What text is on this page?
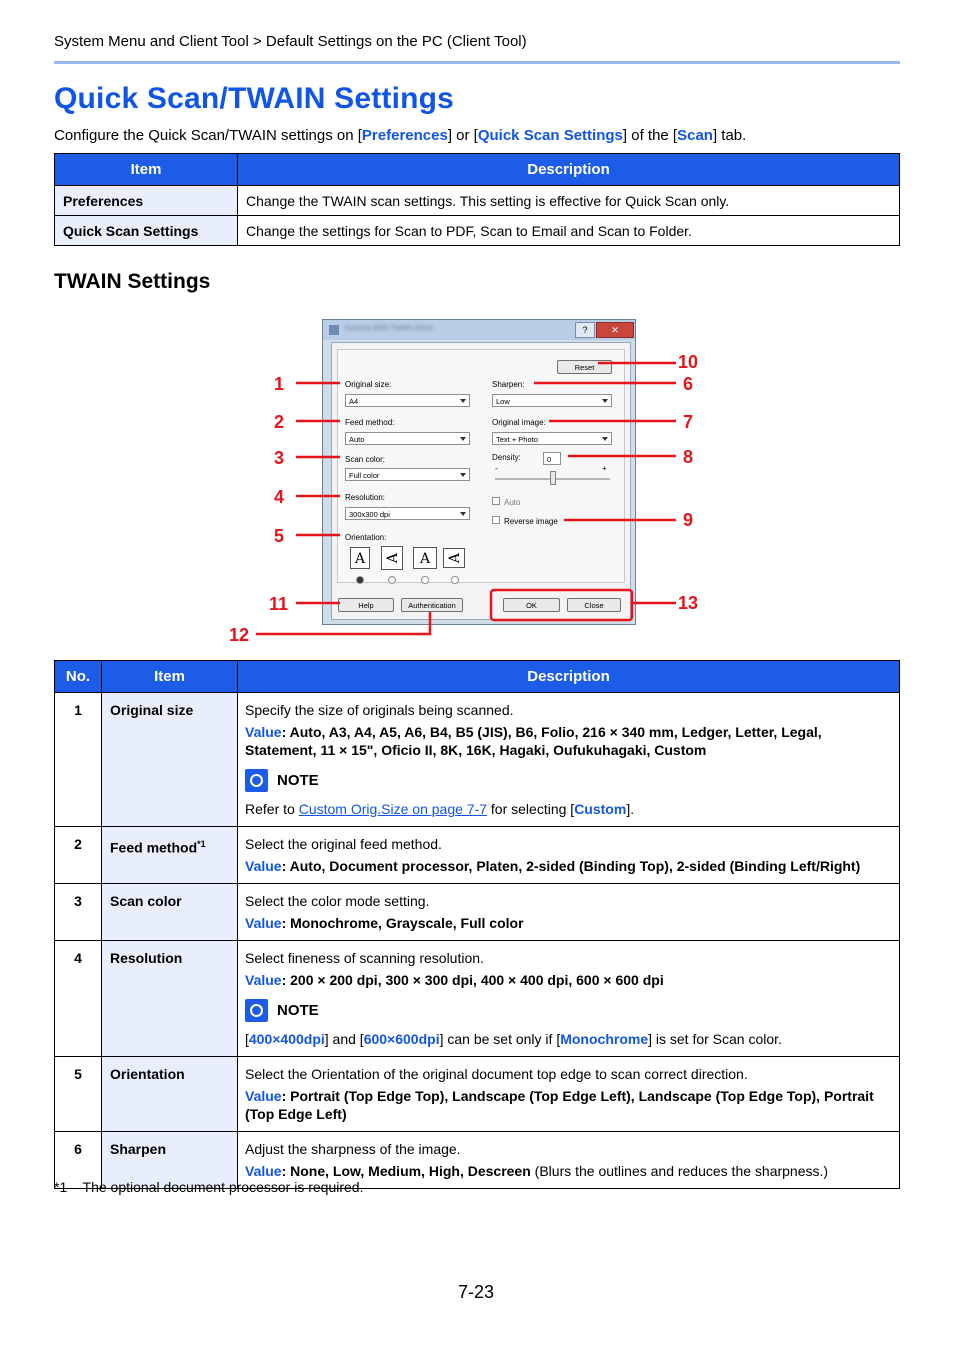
System Menu and Client Tool > Default Settings on the PC (Client Tool)
Quick Scan/TWAIN Settings
Configure the Quick Scan/TWAIN settings on [Preferences] or [Quick Scan Settings] of the [Scan] tab.
Item	Description
Preferences	Change the TWAIN scan settings. This setting is effective for Quick Scan only.
Quick Scan Settings	Change the settings for Scan to PDF, Scan to Email and Scan to Folder.
TWAIN Settings
Kyocera 2000 TWAIN Driver	?	✕
Reset
Original size:
A4
Feed method:
Auto
Scan color:
Full color
Resolution:
300x300 dpi
Orientation:
A	A	A	A
Sharpen:
Low
Original image:
Text + Photo
Density:	0
-	+
Auto
Reverse image
Help	Authentication	OK	Close
1
2
3
4
5
6
7
8
9
10
11
12
13
No.	Item	Description
1	Original size	Specify the size of originals being scanned.

Value: Auto, A3, A4, A5, A6, B4, B5 (JIS), B6, Folio, 216 × 340 mm, Ledger, Letter, Legal, Statement, 11 × 15", Oficio II, 8K, 16K, Hagaki, Oufukuhagaki, Custom

NOTE

Refer to Custom Orig.Size on page 7-7 for selecting [Custom].

2	Feed method$^{*1}$	Select the original feed method.

Value: Auto, Document processor, Platen, 2-sided (Binding Top), 2-sided (Binding Left/Right)

3	Scan color	Select the color mode setting.

Value: Monochrome, Grayscale, Full color

4	Resolution	Select fineness of scanning resolution.

Value: 200 × 200 dpi, 300 × 300 dpi, 400 × 400 dpi, 600 × 600 dpi

NOTE

[400×400dpi] and [600×600dpi] can be set only if [Monochrome] is set for Scan color.

5	Orientation	Select the Orientation of the original document top edge to scan correct direction.

Value: Portrait (Top Edge Top), Landscape (Top Edge Left), Landscape (Top Edge Top), Portrait (Top Edge Left)

6	Sharpen	Adjust the sharpness of the image.

Value: None, Low, Medium, High, Descreen (Blurs the outlines and reduces the sharpness.)

*1    The optional document processor is required.
7-23
